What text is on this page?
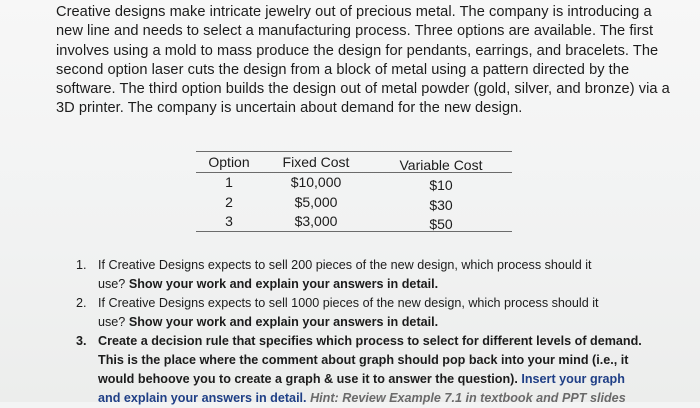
Creative designs make intricate jewelry out of precious metal. The company is introducing a
new line and needs to select a manufacturing process. Three options are available. The first
involves using a mold to mass produce the design for pendants, earrings, and bracelets. The
second option laser cuts the design from a block of metal using a pattern directed by the
software. The third option builds the design out of metal powder (gold, silver, and bronze) via a
3D printer. The company is uncertain about demand for the new design.
Option	Fixed Cost	Variable Cost
1	$10,000	$10
2	$5,000	$30
3	$3,000	$50
1. If Creative Designs expects to sell 200 pieces of the new design, which process should it
use? Show your work and explain your answers in detail.
2. If Creative Designs expects to sell 1000 pieces of the new design, which process should it
use? Show your work and explain your answers in detail.
3. Create a decision rule that specifies which process to select for different levels of demand.
This is the place where the comment about graph should pop back into your mind (i.e., it
would behoove you to create a graph & use it to answer the question). Insert your graph
and explain your answers in detail. Hint: Review Example 7.1 in textbook and PPT slides
